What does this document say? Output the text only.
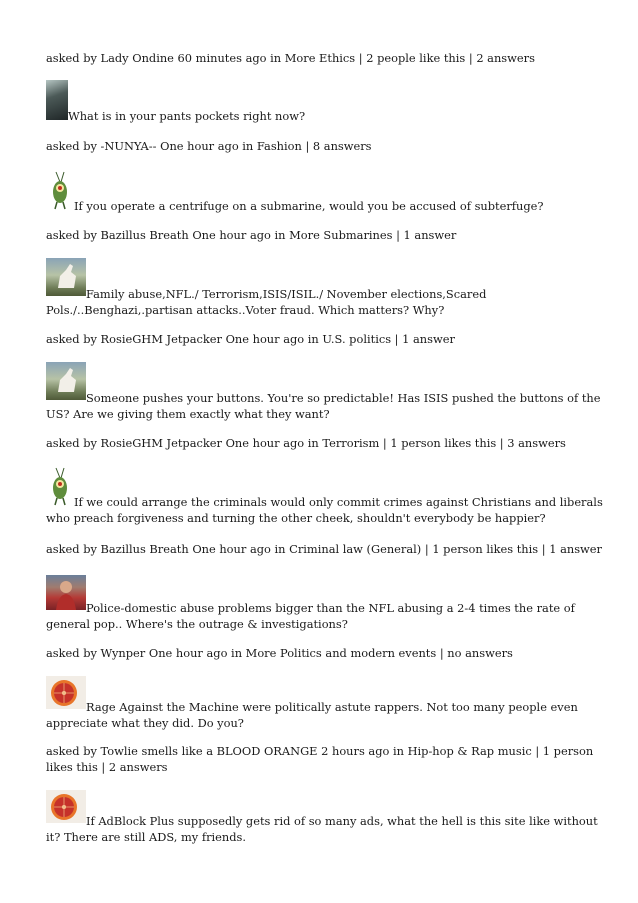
asked by Lady Ondine 60 minutes ago in More Ethics | 2 people like this | 2 answers
What is in your pants pockets right now?
asked by -NUNYA-- One hour ago in Fashion | 8 answers
If you operate a centrifuge on a submarine, would you be accused of subterfuge?
asked by Bazillus Breath One hour ago in More Submarines | 1 answer
Family abuse,NFL./ Terrorism,ISIS/ISIL./ November elections,Scared Pols./..Benghazi,.partisan attacks..Voter fraud. Which matters? Why?
asked by RosieGHM Jetpacker One hour ago in U.S. politics | 1 answer
Someone pushes your buttons. You're so predictable! Has ISIS pushed the buttons of the US? Are we giving them exactly what they want?
asked by RosieGHM Jetpacker One hour ago in Terrorism | 1 person likes this | 3 answers
If we could arrange the criminals would only commit crimes against Christians and liberals who preach forgiveness and turning the other cheek, shouldn't everybody be happier?
asked by Bazillus Breath One hour ago in Criminal law (General) | 1 person likes this | 1 answer
Police-domestic abuse problems bigger than the NFL abusing a 2-4 times the rate of general pop.. Where's the outrage & investigations?
asked by Wynper One hour ago in More Politics and modern events | no answers
Rage Against the Machine were politically astute rappers. Not too many people even appreciate what they did. Do you?
asked by Towlie smells like a BLOOD ORANGE 2 hours ago in Hip-hop & Rap music | 1 person likes this | 2 answers
If AdBlock Plus supposedly gets rid of so many ads, what the hell is this site like without it? There are still ADS, my friends.
